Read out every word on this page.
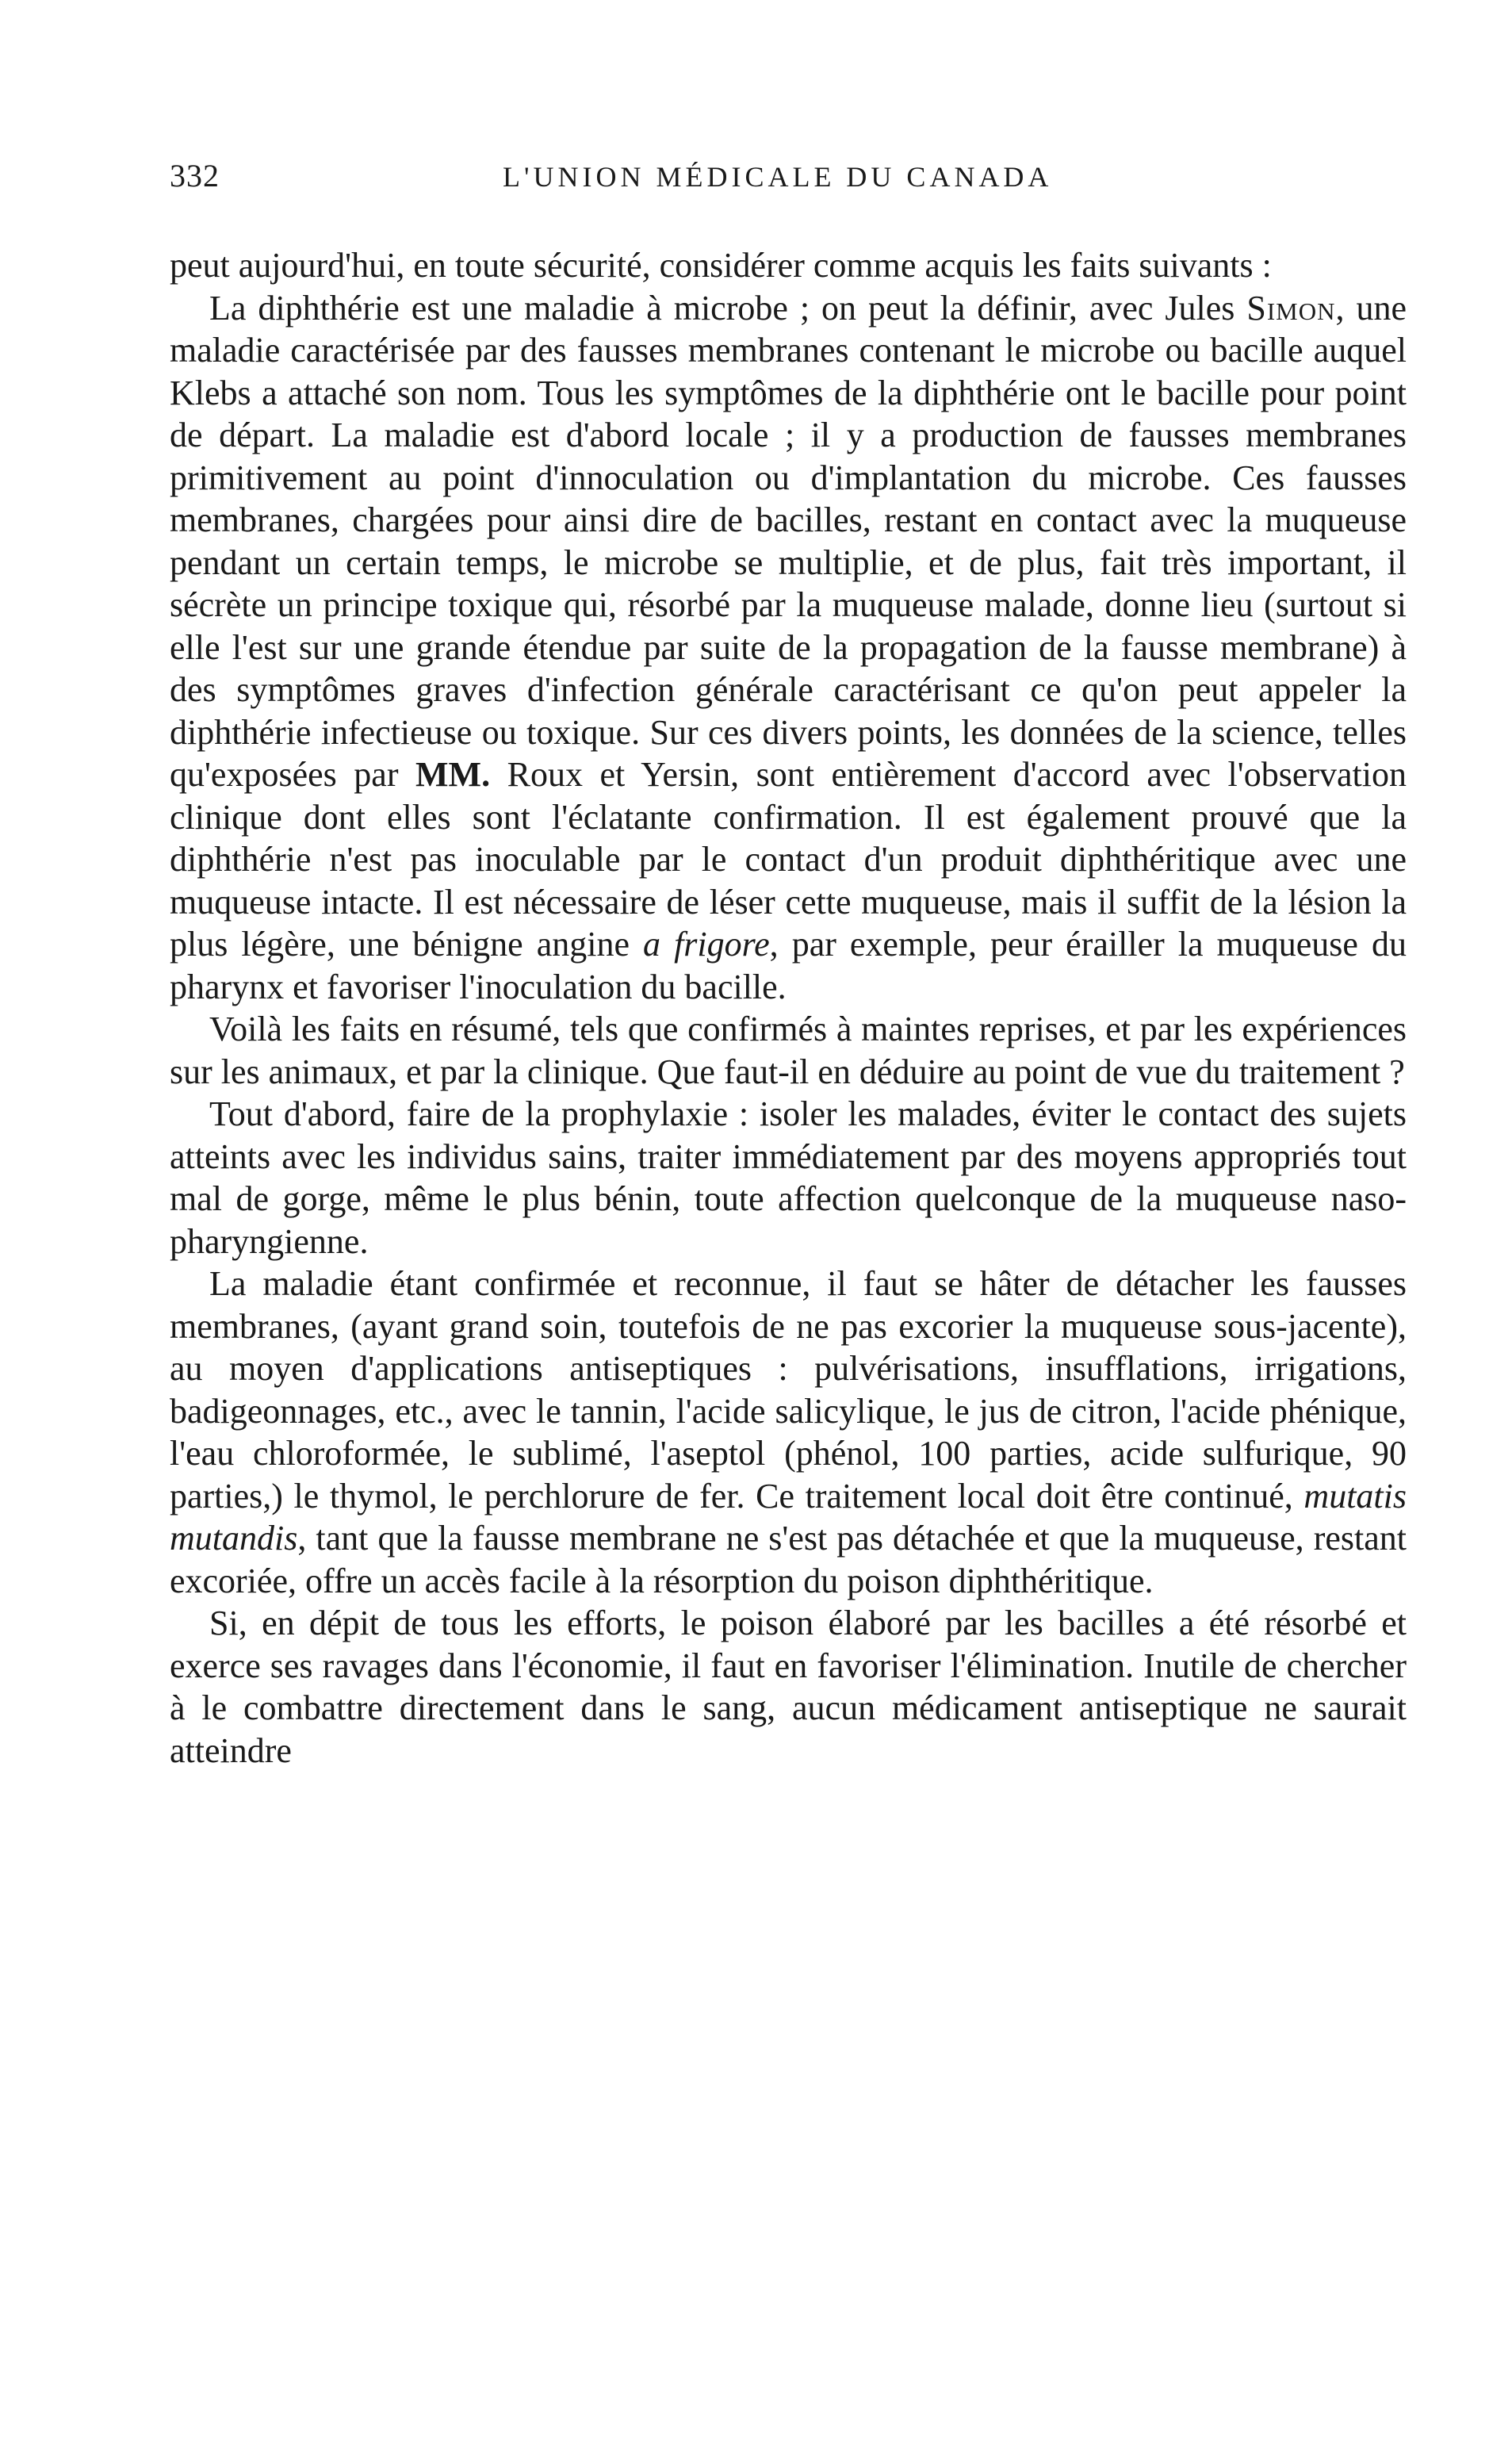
332	L'UNION MÉDICALE DU CANADA

peut aujourd'hui, en toute sécurité, considérer comme acquis les faits suivants :

La diphthérie est une maladie à microbe ; on peut la définir, avec Jules Simon, une maladie caractérisée par des fausses membranes contenant le microbe ou bacille auquel Klebs a attaché son nom. Tous les symptômes de la diphthérie ont le bacille pour point de départ. La maladie est d'abord locale ; il y a production de fausses membranes primitivement au point d'innoculation ou d'implantation du microbe. Ces fausses membranes, chargées pour ainsi dire de bacilles, restant en contact avec la muqueuse pendant un certain temps, le microbe se multiplie, et de plus, fait très important, il sécrète un principe toxique qui, résorbé par la muqueuse malade, donne lieu (surtout si elle l'est sur une grande étendue par suite de la propagation de la fausse membrane) à des symptômes graves d'infection générale caractérisant ce qu'on peut appeler la diphthérie infectieuse ou toxique. Sur ces divers points, les données de la science, telles qu'exposées par MM. Roux et Yersin, sont entièrement d'accord avec l'observation clinique dont elles sont l'éclatante confirmation. Il est également prouvé que la diphthérie n'est pas inoculable par le contact d'un produit diphthéritique avec une muqueuse intacte. Il est nécessaire de léser cette muqueuse, mais il suffit de la lésion la plus légère, une bénigne angine a frigore, par exemple, peur érailler la muqueuse du pharynx et favoriser l'inoculation du bacille.

Voilà les faits en résumé, tels que confirmés à maintes reprises, et par les expériences sur les animaux, et par la clinique. Que faut-il en déduire au point de vue du traitement ?

Tout d'abord, faire de la prophylaxie : isoler les malades, éviter le contact des sujets atteints avec les individus sains, traiter immédiatement par des moyens appropriés tout mal de gorge, même le plus bénin, toute affection quelconque de la muqueuse naso-pharyngienne.

La maladie étant confirmée et reconnue, il faut se hâter de détacher les fausses membranes, (ayant grand soin, toutefois de ne pas excorier la muqueuse sous-jacente), au moyen d'applications antiseptiques : pulvérisations, insufflations, irrigations, badigeonnages, etc., avec le tannin, l'acide salicylique, le jus de citron, l'acide phénique, l'eau chloroformée, le sublimé, l'aseptol (phénol, 100 parties, acide sulfurique, 90 parties,) le thymol, le perchlorure de fer. Ce traitement local doit être continué, mutatis mutandis, tant que la fausse membrane ne s'est pas détachée et que la muqueuse, restant excoriée, offre un accès facile à la résorption du poison diphthéritique.

Si, en dépit de tous les efforts, le poison élaboré par les bacilles a été résorbé et exerce ses ravages dans l'économie, il faut en favoriser l'élimination. Inutile de chercher à le combattre directement dans le sang, aucun médicament antiseptique ne saurait atteindre
